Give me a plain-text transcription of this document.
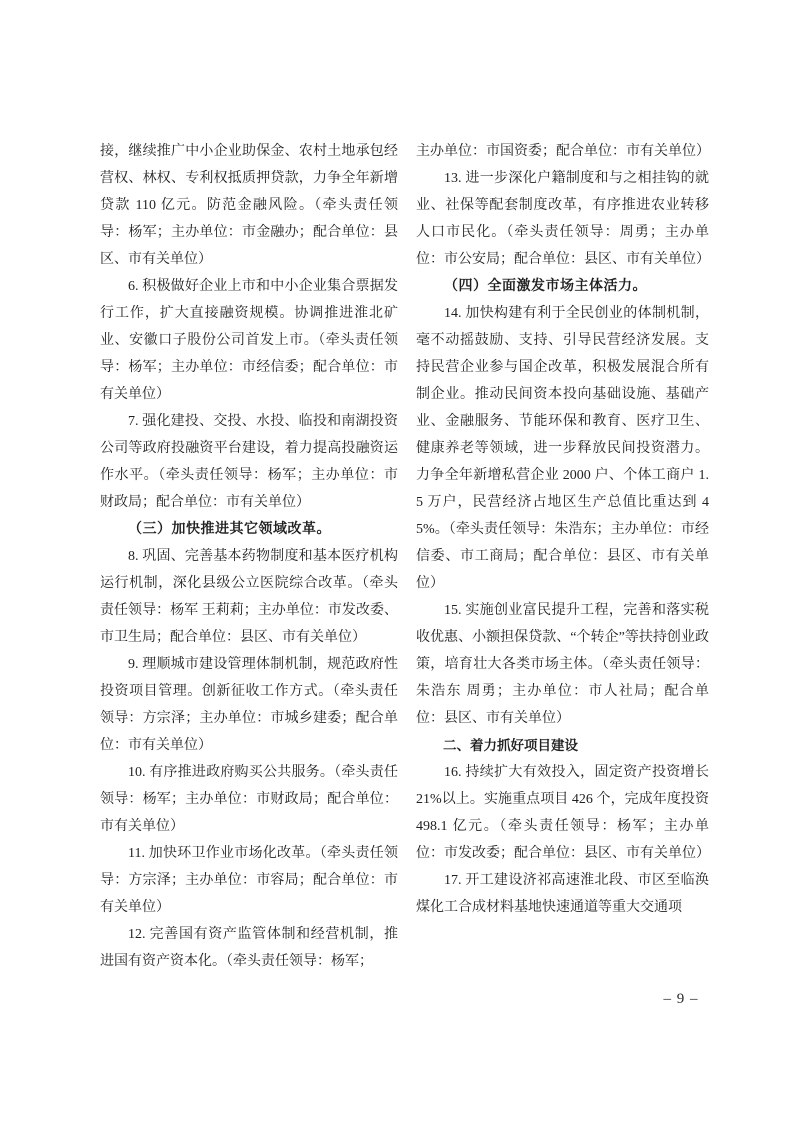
接，继续推广中小企业助保金、农村土地承包经营权、林权、专利权抵质押贷款，力争全年新增贷款 110 亿元。防范金融风险。（牵头责任领导：杨军；主办单位：市金融办；配合单位：县区、市有关单位）

6. 积极做好企业上市和中小企业集合票据发行工作，扩大直接融资规模。协调推进淮北矿业、安徽口子股份公司首发上市。（牵头责任领导：杨军；主办单位：市经信委；配合单位：市有关单位）

7. 强化建投、交投、水投、临投和南湖投资公司等政府投融资平台建设，着力提高投融资运作水平。（牵头责任领导：杨军；主办单位：市财政局；配合单位：市有关单位）

（三）加快推进其它领域改革。

8. 巩固、完善基本药物制度和基本医疗机构运行机制，深化县级公立医院综合改革。（牵头责任领导：杨军 王莉莉；主办单位：市发改委、市卫生局；配合单位：县区、市有关单位）

9. 理顺城市建设管理体制机制，规范政府性投资项目管理。创新征收工作方式。（牵头责任领导：方宗泽；主办单位：市城乡建委；配合单位：市有关单位）

10. 有序推进政府购买公共服务。（牵头责任领导：杨军；主办单位：市财政局；配合单位：市有关单位）

11. 加快环卫作业市场化改革。（牵头责任领导：方宗泽；主办单位：市容局；配合单位：市有关单位）

12. 完善国有资产监管体制和经营机制，推进国有资产资本化。（牵头责任领导：杨军；

主办单位：市国资委；配合单位：市有关单位）

13. 进一步深化户籍制度和与之相挂钩的就业、社保等配套制度改革，有序推进农业转移人口市民化。（牵头责任领导：周勇；主办单位：市公安局；配合单位：县区、市有关单位）

（四）全面激发市场主体活力。

14. 加快构建有利于全民创业的体制机制，毫不动摇鼓励、支持、引导民营经济发展。支持民营企业参与国企改革，积极发展混合所有制企业。推动民间资本投向基础设施、基础产业、金融服务、节能环保和教育、医疗卫生、健康养老等领域，进一步释放民间投资潜力。力争全年新增私营企业 2000 户、个体工商户 1.5 万户，民营经济占地区生产总值比重达到 45%。（牵头责任领导：朱浩东；主办单位：市经信委、市工商局；配合单位：县区、市有关单位）

15. 实施创业富民提升工程，完善和落实税收优惠、小额担保贷款、“个转企”等扶持创业政策，培育壮大各类市场主体。（牵头责任领导：朱浩东 周勇；主办单位：市人社局；配合单位：县区、市有关单位）

二、着力抓好项目建设

16. 持续扩大有效投入，固定资产投资增长 21%以上。实施重点项目 426 个，完成年度投资 498.1 亿元。（牵头责任领导：杨军；主办单位：市发改委；配合单位：县区、市有关单位）

17. 开工建设济祁高速淮北段、市区至临涣煤化工合成材料基地快速通道等重大交通项

– 9 –
